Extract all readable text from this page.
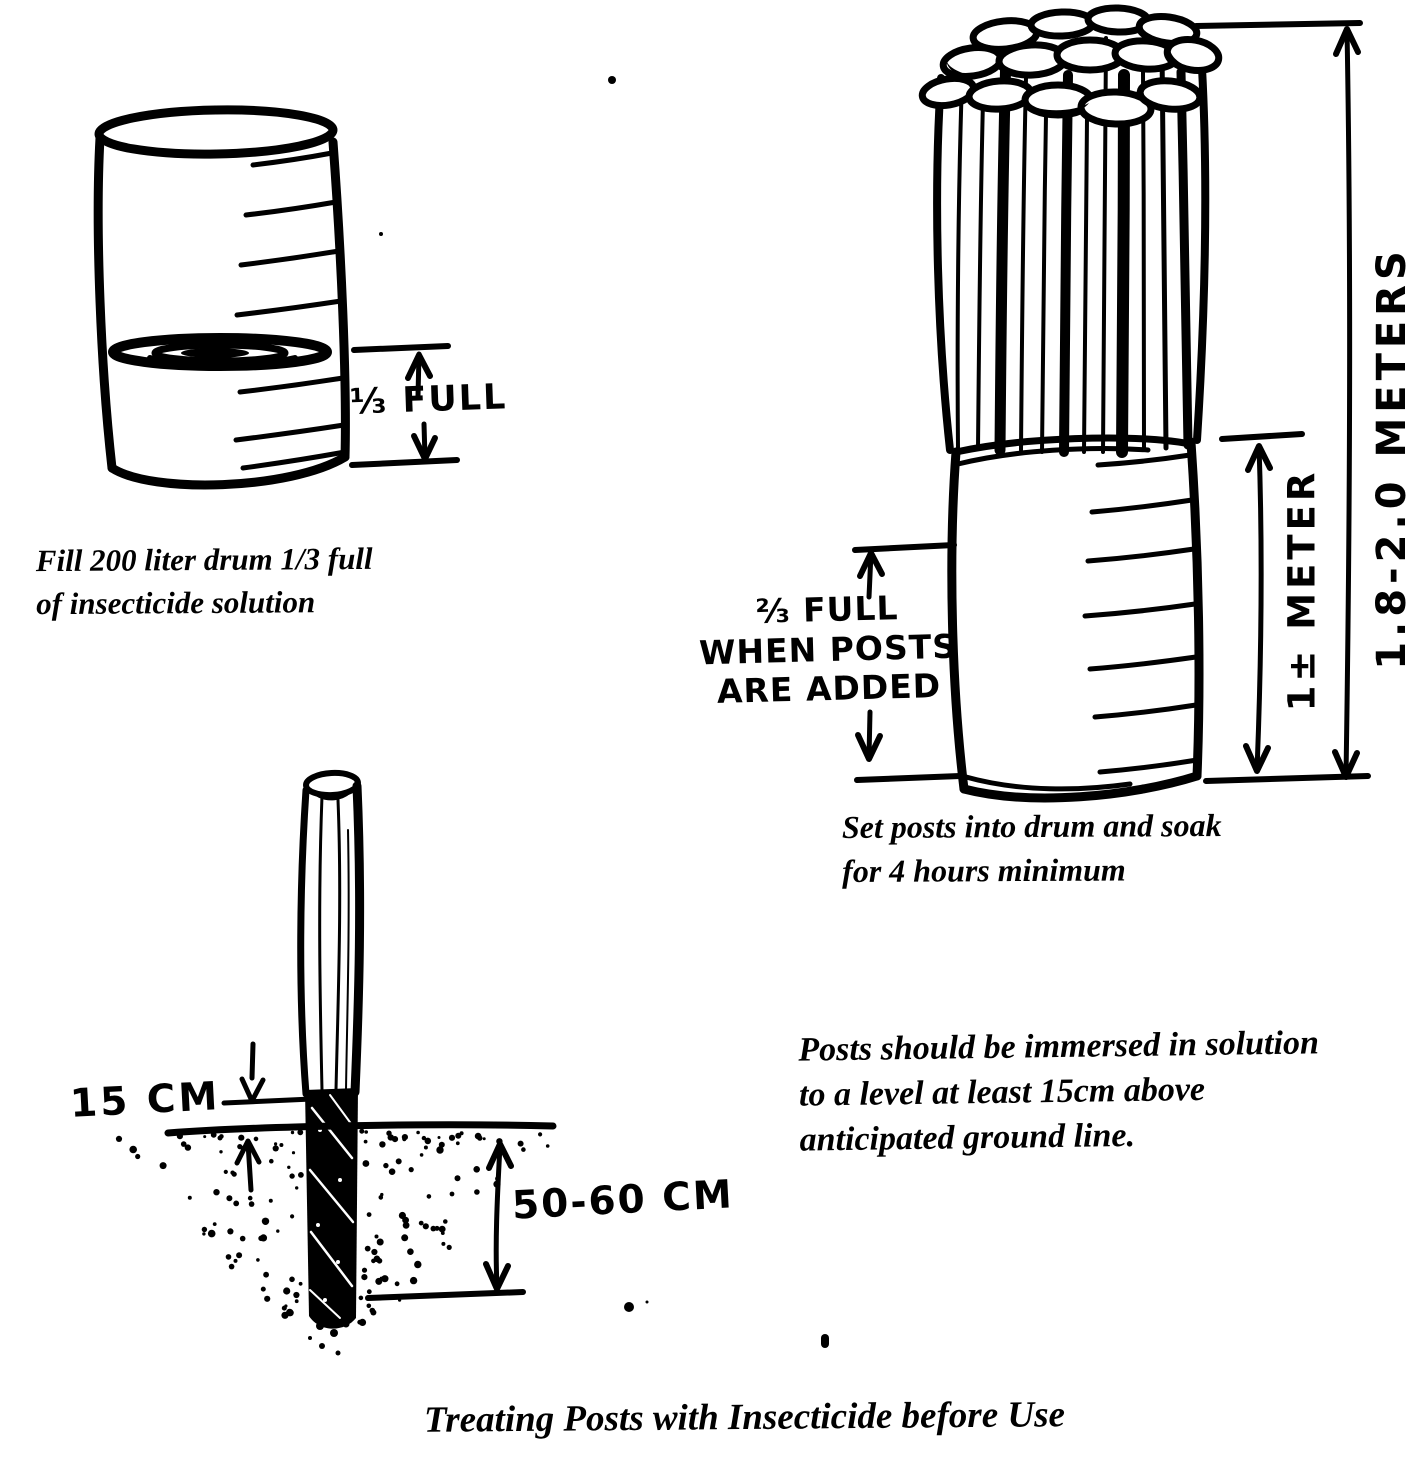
⅓ FULL
Fill 200 liter drum 1/3 full
of insecticide solution	⅔ FULL
WHEN POSTS
ARE ADDED	1± METER 1.8-2.0 METERS
Set posts into drum and soak
for 4 hours minimum
15 CM
50-60 CM
Posts should be immersed in solution
to a level at least 15cm above
anticipated ground line.
Treating Posts with Insecticide before Use
